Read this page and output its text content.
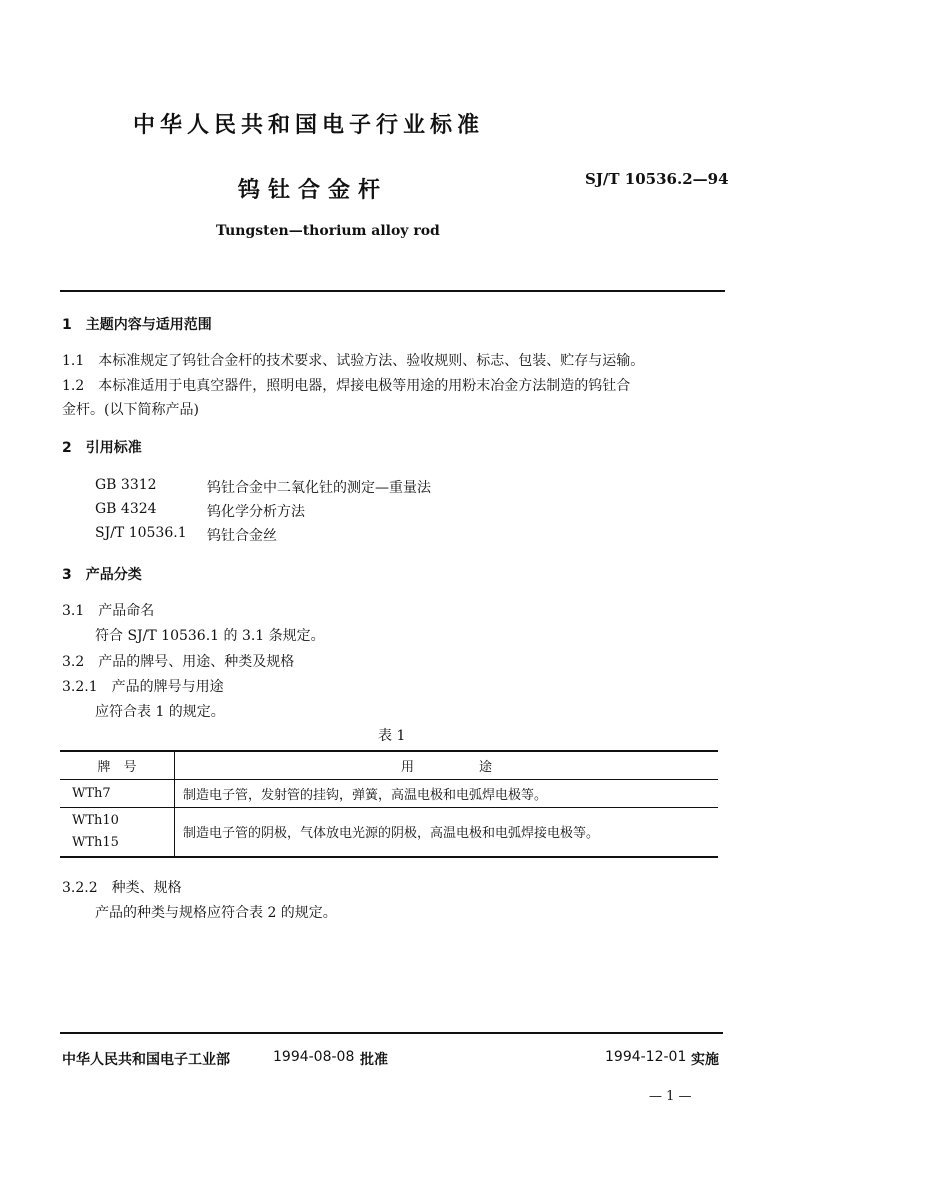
中华人民共和国电子行业标准
钨钍合金杆	SJ/T 10536.2—94
Tungsten—thorium alloy rod
1　主题内容与适用范围
1.1　本标准规定了钨钍合金杆的技术要求、试验方法、验收规则、标志、包装、贮存与运输。
1.2　本标准适用于电真空器件，照明电器，焊接电极等用途的用粉末冶金方法制造的钨钍合
金杆。(以下简称产品)
2　引用标准
GB 3312	钨钍合金中二氧化钍的测定—重量法
GB 4324	钨化学分析方法
SJ/T 10536.1 钨钍合金丝
3　产品分类
3.1　产品命名
符合 SJ/T 10536.1 的 3.1 条规定。
3.2　产品的牌号、用途、种类及规格
3.2.1　产品的牌号与用途
应符合表 1 的规定。
表 1
牌　号	用　　　　　途
WTh7	制造电子管，发射管的挂钩，弹簧，高温电极和电弧焊电极等。

WTh10
WTh15	制造电子管的阴极，气体放电光源的阴极，高温电极和电弧焊接电极等。
3.2.2　种类、规格
产品的种类与规格应符合表 2 的规定。
中华人民共和国电子工业部	1994-08-08 批准	1994-12-01 实施
— 1 —
